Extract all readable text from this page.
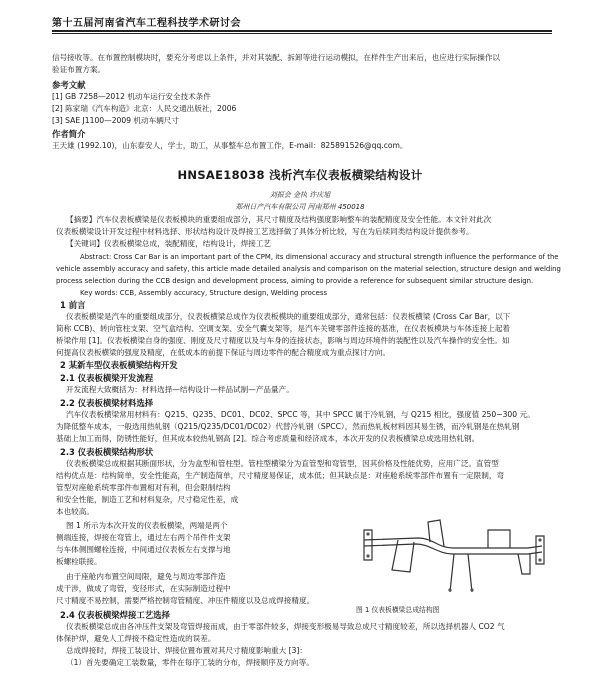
第十五届河南省汽车工程科技学术研讨会
信号接收等。在布置控制模块时，要充分考虑以上条件，并对其装配、拆卸等进行运动模拟，在样件生产出来后，也应进行实际操作以
验证布置方案。
参考文献
[1] GB 7258—2012 机动车运行安全技术条件
[2] 陈家瑞《汽车构造》北京：人民交通出版社，2006
[3] SAE J1100—2009 机动车辆尺寸
作者简介
王天雄 (1992.10)，山东泰安人，学士，助工，从事整车总布置工作，E-mail：825891526@qq.com。
HNSAE18038 浅析汽车仪表板横梁结构设计
刘振会 金执 许庆旭
郑州日产汽车有限公司 河南郑州 450018
【摘要】汽车仪表板横梁是仪表板模块的重要组成部分，其尺寸精度及结构强度影响整车的装配精度及安全性能。本文针对此次
仪表板横梁设计开发过程中材料选择、形状结构设计及焊接工艺选择做了具体分析比较，写在为后续同类结构设计提供参考。
【关键词】仪表板横梁总成，装配精度，结构设计，焊接工艺
Abstract: Cross Car Bar is an important part of the CPM, its dimensional accuracy and structural strength influence the performance of the
vehicle assembly accuracy and safety, this article made detailed analysis and comparison on the material selection, structure design and welding
process selection during the CCB design and development process, aiming to provide a reference for subsequent similar structure design.
Key words: CCB, Assembly accuracy, Structure design, Welding process
1 前言
仪表板横梁是汽车的重要组成部分，仪表板横梁总成作为仪表板模块的重要组成部分，通常包括：仪表板横梁 (Cross Car Bar，以下
简称 CCB)、转向管柱支架、空气盒结构、空调支架、安全气囊支架等，是汽车关键零部件连接的基准，在仪表板模块与车体连接上起着
桥梁作用 [1]。仪表板横梁自身的强度、刚度及尺寸精度以及与车身的连接状态，影响与周边环境件的装配性以及汽车操作的安全性。如
何提高仪表板横梁的强度及精度，在低成本的前提下保证与周边零件的配合精度成为重点探讨方向。
2 某新车型仪表板横梁结构开发
2.1 仪表板横梁开发流程
开发流程大致概括为：材料选择—结构设计—样品试制—产品量产。
2.2 仪表板横梁材料选择
汽车仪表板横梁常用材料有：Q215、Q235、DC01、DC02、SPCC 等，其中 SPCC 属于冷轧钢，与 Q215 相比，强度值 250~300 元。
为降低整车成本，一般选用热轧钢（Q215/Q235/DC01/DC02）代替冷轧钢（SPCC），然而热轧板材料因其易生锈，而冷轧钢是在热轧钢
基础上加工而得，防锈性能好，但其成本较热轧钢高 [2]。综合考虑质量和经济成本，本次开发的仪表板横梁总成选用热轧钢。
2.3 仪表板横梁结构形状
仪表板横梁总成根据其断面形状，分为盒型和管柱型。管柱型横梁分为直管型和弯管型，因其价格及性能优势，应用广泛。直管型
结构优点是：结构简单，安全性能高，生产制造简单，尺寸精度易保证，成本低；但其缺点是：对座舱系统零部件布置有一定限制，弯
管型对座舱系统零部件布置相对有利，但会限制结构
和安全性能，制造工艺和材料复杂，尺寸稳定性差，成
本也较高。
图 1 所示为本次开发的仪表板横梁，两端是两个
侧端连接，焊接在弯管上，通过左右两个吊件件支架
与车体侧围螺栓连接，中间通过仪表板左右支撑与地
板螺栓联接。
由于座舱内布置空间局限，避免与周边零部件造
成干涉，做成了弯管，变径形式，在实际制造过程中
尺寸精度不易控制，需要严格控制弯管精度、冲压件精度以及总成焊接精度。
图 1 仪表板横梁总成结构图
2.4 仪表板横梁焊接工艺选择
仪表板横梁总成由各冲压件支架及弯管焊接而成，由于零部件较多，焊接变形极易导致总成尺寸精度较差，所以选择机器人 CO2 气
体保护焊，避免人工焊接不稳定性造成的误差。
总成焊接时，焊接工装设计、焊接位置布置对其尺寸精度影响重大 [3]：
（1）首先要确定工装数量，零件在每序工装的分布，焊接顺序及方向等。
